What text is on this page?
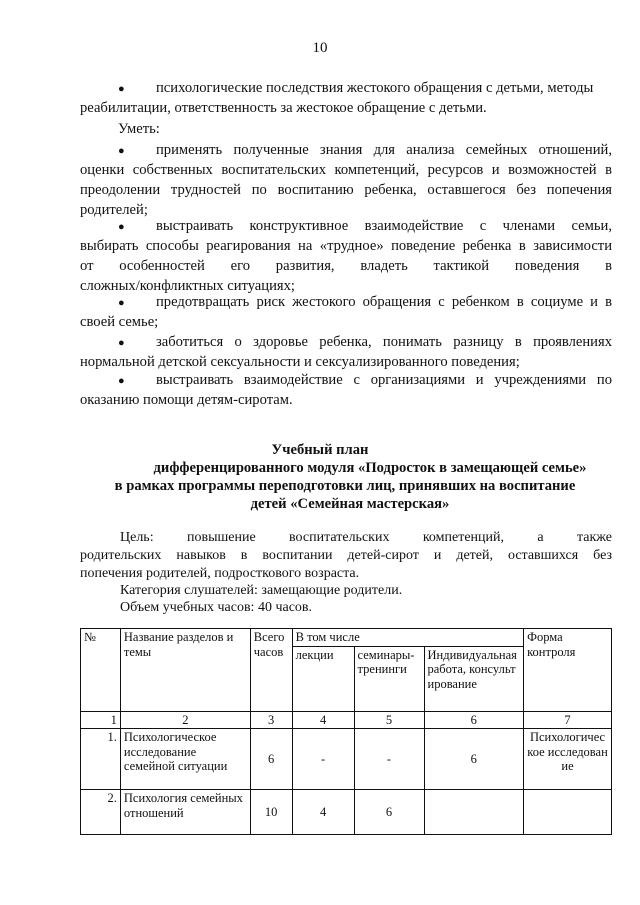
10
● психологические последствия жестокого обращения с детьми, методы
реабилитации, ответственность за жестокое обращение с детьми.
Уметь:
● применять полученные знания для анализа семейных отношений,
оценки собственных воспитательских компетенций, ресурсов и возможностей в
преодолении трудностей по воспитанию ребенка, оставшегося без попечения
родителей;
● выстраивать конструктивное взаимодействие с членами семьи,
выбирать способы реагирования на «трудное» поведение ребенка в зависимости
от особенностей его развития, владеть тактикой поведения в
сложных/конфликтных ситуациях;
● предотвращать риск жестокого обращения с ребенком в социуме и в
своей семье;
● заботиться о здоровье ребенка, понимать разницу в проявлениях
нормальной детской сексуальности и сексуализированного поведения;
● выстраивать взаимодействие с организациями и учреждениями по
оказанию помощи детям-сиротам.
Учебный план
дифференцированного модуля «Подросток в замещающей семье»
в рамках программы переподготовки лиц, принявших на воспитание
детей «Семейная мастерская»
Цель: повышение воспитательских компетенций, а также
родительских навыков в воспитании детей-сирот и детей, оставшихся без
попечения родителей, подросткового возраста.
Категория слушателей: замещающие родители.
Объем учебных часов: 40 часов.
№	Название разделов и темы	Всего часов	В том числе			Форма контроля
			лекции	семинары-тренинги	Индивидуальная работа, консультирование	
1	2	3	4	5	6	7
1.	Психологическое исследование семейной ситуации	6	-	-	6	Психологическое исследование
2.	Психология семейных отношений	10	4	6		
